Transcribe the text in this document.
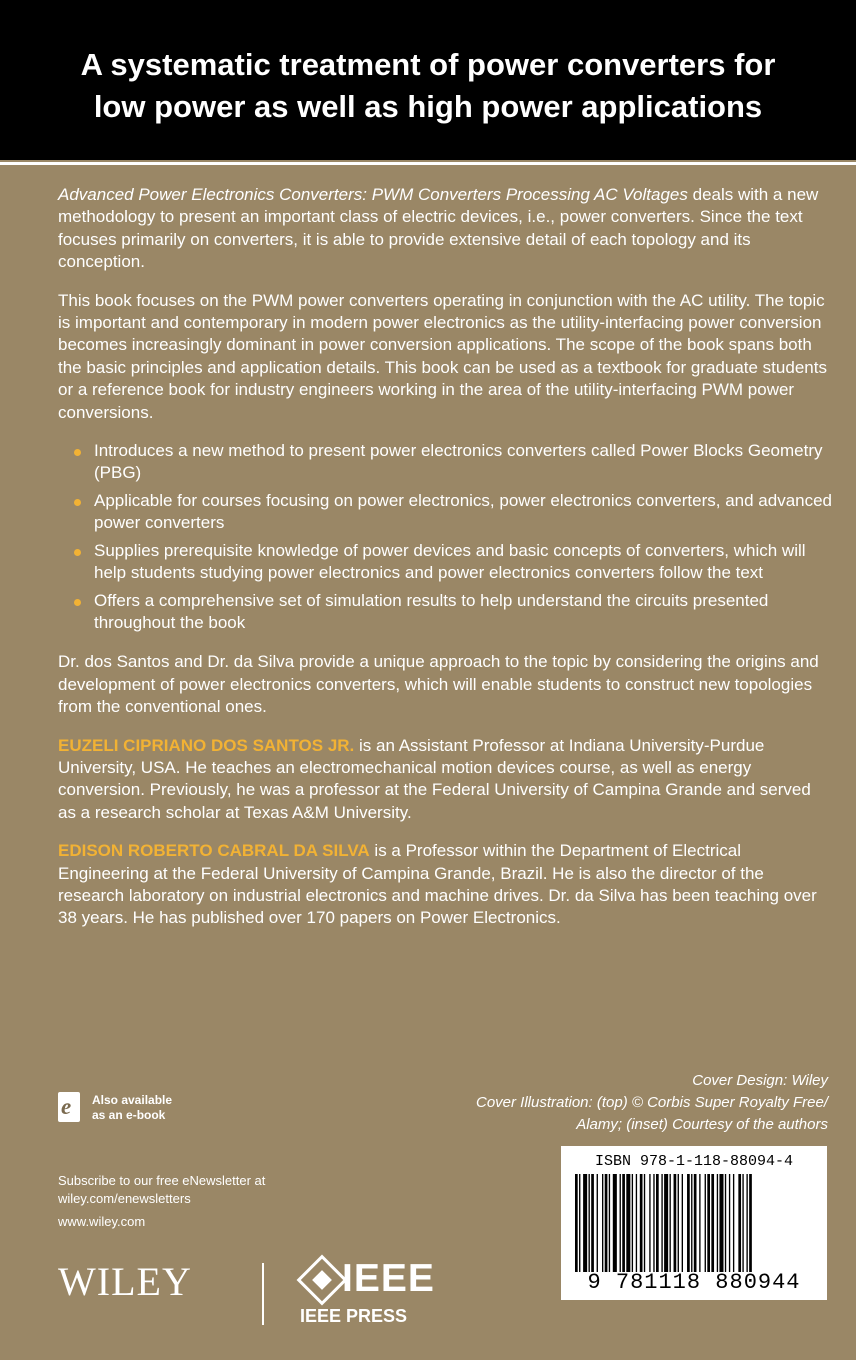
A systematic treatment of power converters for
low power as well as high power applications

Advanced Power Electronics Converters: PWM Converters Processing AC Voltages deals with a new methodology to present an important class of electric devices, i.e., power converters. Since the text focuses primarily on converters, it is able to provide extensive detail of each topology and its conception.

This book focuses on the PWM power converters operating in conjunction with the AC utility. The topic is important and contemporary in modern power electronics as the utility-interfacing power conversion becomes increasingly dominant in power conversion applications. The scope of the book spans both the basic principles and application details. This book can be used as a textbook for graduate students or a reference book for industry engineers working in the area of the utility-interfacing PWM power conversions.

Introduces a new method to present power electronics converters called Power Blocks Geometry (PBG)
Applicable for courses focusing on power electronics, power electronics converters, and advanced power converters
Supplies prerequisite knowledge of power devices and basic concepts of converters, which will help students studying power electronics and power electronics converters follow the text
Offers a comprehensive set of simulation results to help understand the circuits presented throughout the book

Dr. dos Santos and Dr. da Silva provide a unique approach to the topic by considering the origins and development of power electronics converters, which will enable students to construct new topologies from the conventional ones.

EUZELI CIPRIANO DOS SANTOS JR. is an Assistant Professor at Indiana University-Purdue University, USA. He teaches an electromechanical motion devices course, as well as energy conversion. Previously, he was a professor at the Federal University of Campina Grande and served as a research scholar at Texas A&M University.

EDISON ROBERTO CABRAL DA SILVA is a Professor within the Department of Electrical Engineering at the Federal University of Campina Grande, Brazil. He is also the director of the research laboratory on industrial electronics and machine drives. Dr. da Silva has been teaching over 38 years. He has published over 170 papers on Power Electronics.

Cover Design: Wiley
Cover Illustration: (top) © Corbis Super Royalty Free/
Alamy; (inset) Courtesy of the authors
e Also available
as an e-book
Subscribe to our free eNewsletter at
wiley.com/enewsletters
www.wiley.com
WILEY	IEEE
IEEE PRESS
ISBN 978-1-118-88094-4
9 781118 880944
